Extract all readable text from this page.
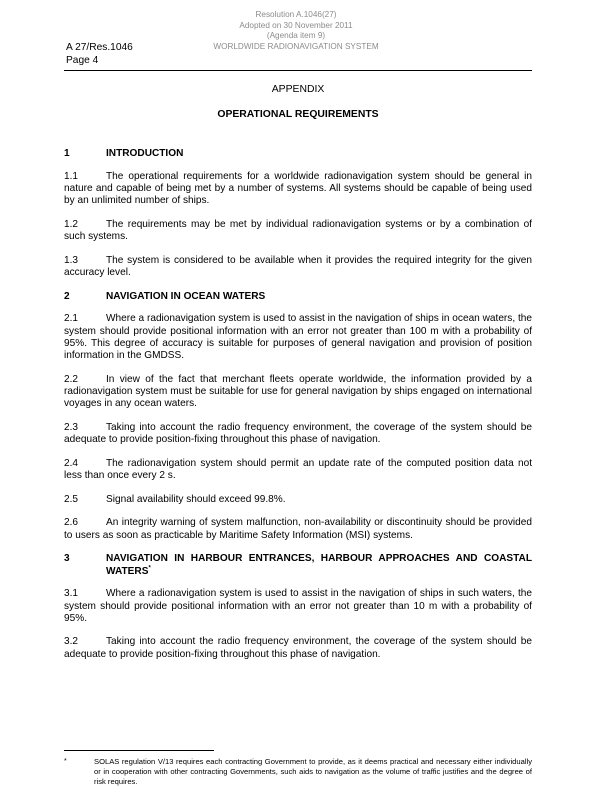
Resolution A.1046(27)
Adopted on 30 November 2011
(Agenda item 9)
WORLDWIDE RADIONAVIGATION SYSTEM
A 27/Res.1046
Page 4
APPENDIX
OPERATIONAL REQUIREMENTS
1	INTRODUCTION

1.1	The operational requirements for a worldwide radionavigation system should be general in nature and capable of being met by a number of systems. All systems should be capable of being used by an unlimited number of ships.

1.2	The requirements may be met by individual radionavigation systems or by a combination of such systems.

1.3	The system is considered to be available when it provides the required integrity for the given accuracy level.

2	NAVIGATION IN OCEAN WATERS

2.1	Where a radionavigation system is used to assist in the navigation of ships in ocean waters, the system should provide positional information with an error not greater than 100 m with a probability of 95%. This degree of accuracy is suitable for purposes of general navigation and provision of position information in the GMDSS.

2.2	In view of the fact that merchant fleets operate worldwide, the information provided by a radionavigation system must be suitable for use for general navigation by ships engaged on international voyages in any ocean waters.

2.3	Taking into account the radio frequency environment, the coverage of the system should be adequate to provide position-fixing throughout this phase of navigation.

2.4	The radionavigation system should permit an update rate of the computed position data not less than once every 2 s.

2.5	Signal availability should exceed 99.8%.

2.6	An integrity warning of system malfunction, non-availability or discontinuity should be provided to users as soon as practicable by Maritime Safety Information (MSI) systems.

3	NAVIGATION IN HARBOUR ENTRANCES, HARBOUR APPROACHES AND COASTAL WATERS*

3.1	Where a radionavigation system is used to assist in the navigation of ships in such waters, the system should provide positional information with an error not greater than 10 m with a probability of 95%.

3.2	Taking into account the radio frequency environment, the coverage of the system should be adequate to provide position-fixing throughout this phase of navigation.

*	SOLAS regulation V/13 requires each contracting Government to provide, as it deems practical and necessary either individually or in cooperation with other contracting Governments, such aids to navigation as the volume of traffic justifies and the degree of risk requires.
